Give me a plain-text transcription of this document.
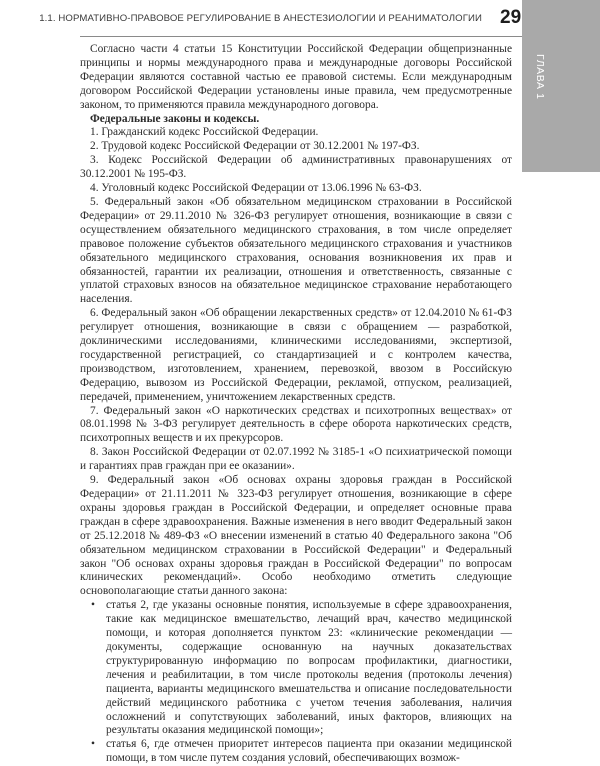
1.1. НОРМАТИВНО-ПРАВОВОЕ РЕГУЛИРОВАНИЕ В АНЕСТЕЗИОЛОГИИ И РЕАНИМАТОЛОГИИ 29
ГЛАВА 1

Согласно части 4 статьи 15 Конституции Российской Федерации общепризнанные принципы и нормы международного права и международные договоры Российской Федерации являются составной частью ее правовой системы. Если международным договором Российской Федерации установлены иные правила, чем предусмотренные законом, то применяются правила международного договора.

Федеральные законы и кодексы.

1. Гражданский кодекс Российской Федерации.

2. Трудовой кодекс Российской Федерации от 30.12.2001 № 197-ФЗ.

3. Кодекс Российской Федерации об административных правонарушениях от 30.12.2001 № 195-ФЗ.

4. Уголовный кодекс Российской Федерации от 13.06.1996 № 63-ФЗ.

5. Федеральный закон «Об обязательном медицинском страховании в Российской Федерации» от 29.11.2010 № 326-ФЗ регулирует отношения, возникающие в связи с осуществлением обязательного медицинского страхования, в том числе определяет правовое положение субъектов обязательного медицинского страхования и участников обязательного медицинского страхования, основания возникновения их прав и обязанностей, гарантии их реализации, отношения и ответственность, связанные с уплатой страховых взносов на обязательное медицинское страхование неработающего населения.

6. Федеральный закон «Об обращении лекарственных средств» от 12.04.2010 № 61-ФЗ регулирует отношения, возникающие в связи с обращением — разработкой, доклиническими исследованиями, клиническими исследованиями, экспертизой, государственной регистрацией, со стандартизацией и с контролем качества, производством, изготовлением, хранением, перевозкой, ввозом в Российскую Федерацию, вывозом из Российской Федерации, рекламой, отпуском, реализацией, передачей, применением, уничтожением лекарственных средств.

7. Федеральный закон «О наркотических средствах и психотропных веществах» от 08.01.1998 № 3-ФЗ регулирует деятельность в сфере оборота наркотических средств, психотропных веществ и их прекурсоров.

8. Закон Российской Федерации от 02.07.1992 № 3185-1 «О психиатрической помощи и гарантиях прав граждан при ее оказании».

9. Федеральный закон «Об основах охраны здоровья граждан в Российской Федерации» от 21.11.2011 № 323-ФЗ регулирует отношения, возникающие в сфере охраны здоровья граждан в Российской Федерации, и определяет основные права граждан в сфере здравоохранения. Важные изменения в него вводит Федеральный закон от 25.12.2018 № 489-ФЗ «О внесении изменений в статью 40 Федерального закона "Об обязательном медицинском страховании в Российской Федерации" и Федеральный закон "Об основах охраны здоровья граждан в Российской Федерации" по вопросам клинических рекомендаций». Особо необходимо отметить следующие основополагающие статьи данного закона:

• статья 2, где указаны основные понятия, используемые в сфере здравоохранения, такие как медицинское вмешательство, лечащий врач, качество медицинской помощи, и которая дополняется пунктом 23: «клинические рекомендации — документы, содержащие основанную на научных доказательствах структурированную информацию по вопросам профилактики, диагностики, лечения и реабилитации, в том числе протоколы ведения (протоколы лечения) пациента, варианты медицинского вмешательства и описание последовательности действий медицинского работника с учетом течения заболевания, наличия осложнений и сопутствующих заболеваний, иных факторов, влияющих на результаты оказания медицинской помощи»;
• статья 6, где отмечен приоритет интересов пациента при оказании медицинской помощи, в том числе путем создания условий, обеспечивающих возмож-
